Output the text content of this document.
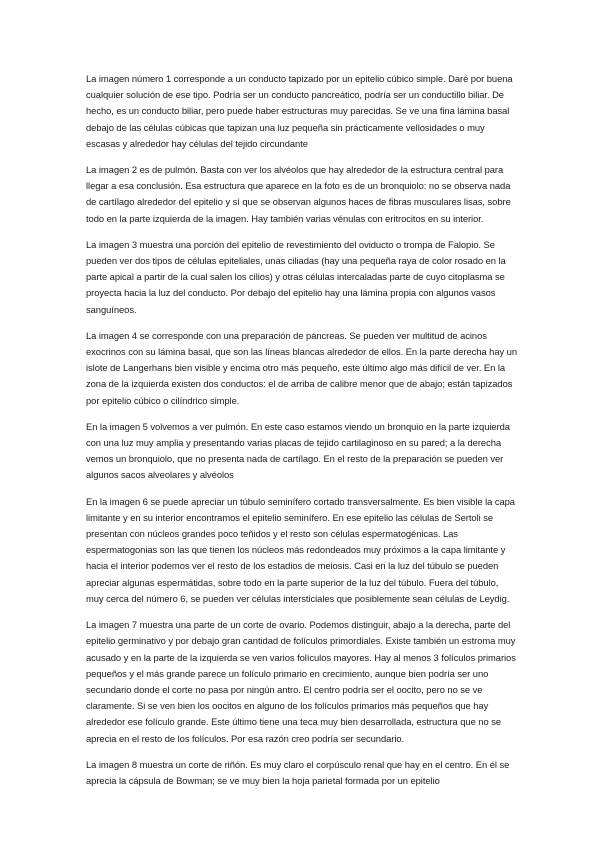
La imagen número 1 corresponde a un conducto tapizado por un epitelio cúbico simple. Daré por buena cualquier solución de ese tipo. Podría ser un conducto pancreático, podría ser un conductillo biliar. De hecho, es un conducto biliar, pero puede haber estructuras muy parecidas. Se ve una fina lámina basal debajo de las células cúbicas que tapizan una luz pequeña sin prácticamente vellosidades o muy escasas y alrededor hay células del tejido circundante

La imagen 2 es de pulmón. Basta con ver los alvéolos que hay alrededor de la estructura central para llegar a esa conclusión. Esa estructura que aparece en la foto es de un bronquiolo: no se observa nada de cartílago alrededor del epitelio y sí que se observan algunos haces de fibras musculares lisas, sobre todo en la parte izquierda de la imagen. Hay también varias vénulas con eritrocitos en su interior.

La imagen 3 muestra una porción del epitelio de revestimiento del oviducto o trompa de Falopio. Se pueden ver dos tipos de células epiteliales, unas ciliadas (hay una pequeña raya de color rosado en la parte apical a partir de la cual salen los cilios) y otras células intercaladas parte de cuyo citoplasma se proyecta hacia la luz del conducto. Por debajo del epitelio hay una lámina propia con algunos vasos sanguíneos.

La imagen 4 se corresponde con una preparación de páncreas. Se pueden ver multitud de acinos exocrinos con su lámina basal, que son las líneas blancas alrededor de ellos. En la parte derecha hay un islote de Langerhans bien visible y encima otro más pequeño, este último algo más difícil de ver. En la zona de la izquierda existen dos conductos: el de arriba de calibre menor que de abajo; están tapizados por epitelio cúbico o cilíndrico simple.

En la imagen 5 volvemos a ver pulmón. En este caso estamos viendo un bronquio en la parte izquierda con una luz muy amplia y presentando varias placas de tejido cartilaginoso en su pared; a la derecha vemos un bronquiolo, que no presenta nada de cartílago. En el resto de la preparación se pueden ver algunos sacos alveolares y alvéolos

En la imagen 6 se puede apreciar un túbulo seminífero cortado transversalmente. Es bien visible la capa limitante y en su interior encontramos el epitelio seminífero. En ese epitelio las células de Sertoli se presentan con núcleos grandes poco teñidos y el resto son células espermatogénicas. Las espermatogonias son las que tienen los núcleos más redondeados muy próximos a la capa limitante y hacia el interior podemos ver el resto de los estadios de meiosis. Casi en la luz del túbulo se pueden apreciar algunas espermátidas, sobre todo en la parte superior de la luz del túbulo. Fuera del túbulo, muy cerca del número 6, se pueden ver células intersticiales que posiblemente sean células de Leydig.

La imagen 7 muestra una parte de un corte de ovario. Podemos distinguir, abajo a la derecha, parte del epitelio germinativo y por debajo gran cantidad de folículos primordiales. Existe también un estroma muy acusado y en la parte de la izquierda se ven varios folículos mayores. Hay al menos 3 folículos primarios pequeños y el más grande parece un folículo primario en crecimiento, aunque bien podría ser uno secundario donde el corte no pasa por ningún antro. El centro podría ser el oocito, pero no se ve claramente. Si se ven bien los oocitos en alguno de los folículos primarios más pequeños que hay alrededor ese folículo grande. Este último tiene una teca muy bien desarrollada, estructura que no se aprecia en el resto de los folículos. Por esa razón creo podría ser secundario.

La imagen 8 muestra un corte de riñón. Es muy claro el corpúsculo renal que hay en el centro. En él se aprecia la cápsula de Bowman; se ve muy bien la hoja parietal formada por un epitelio
